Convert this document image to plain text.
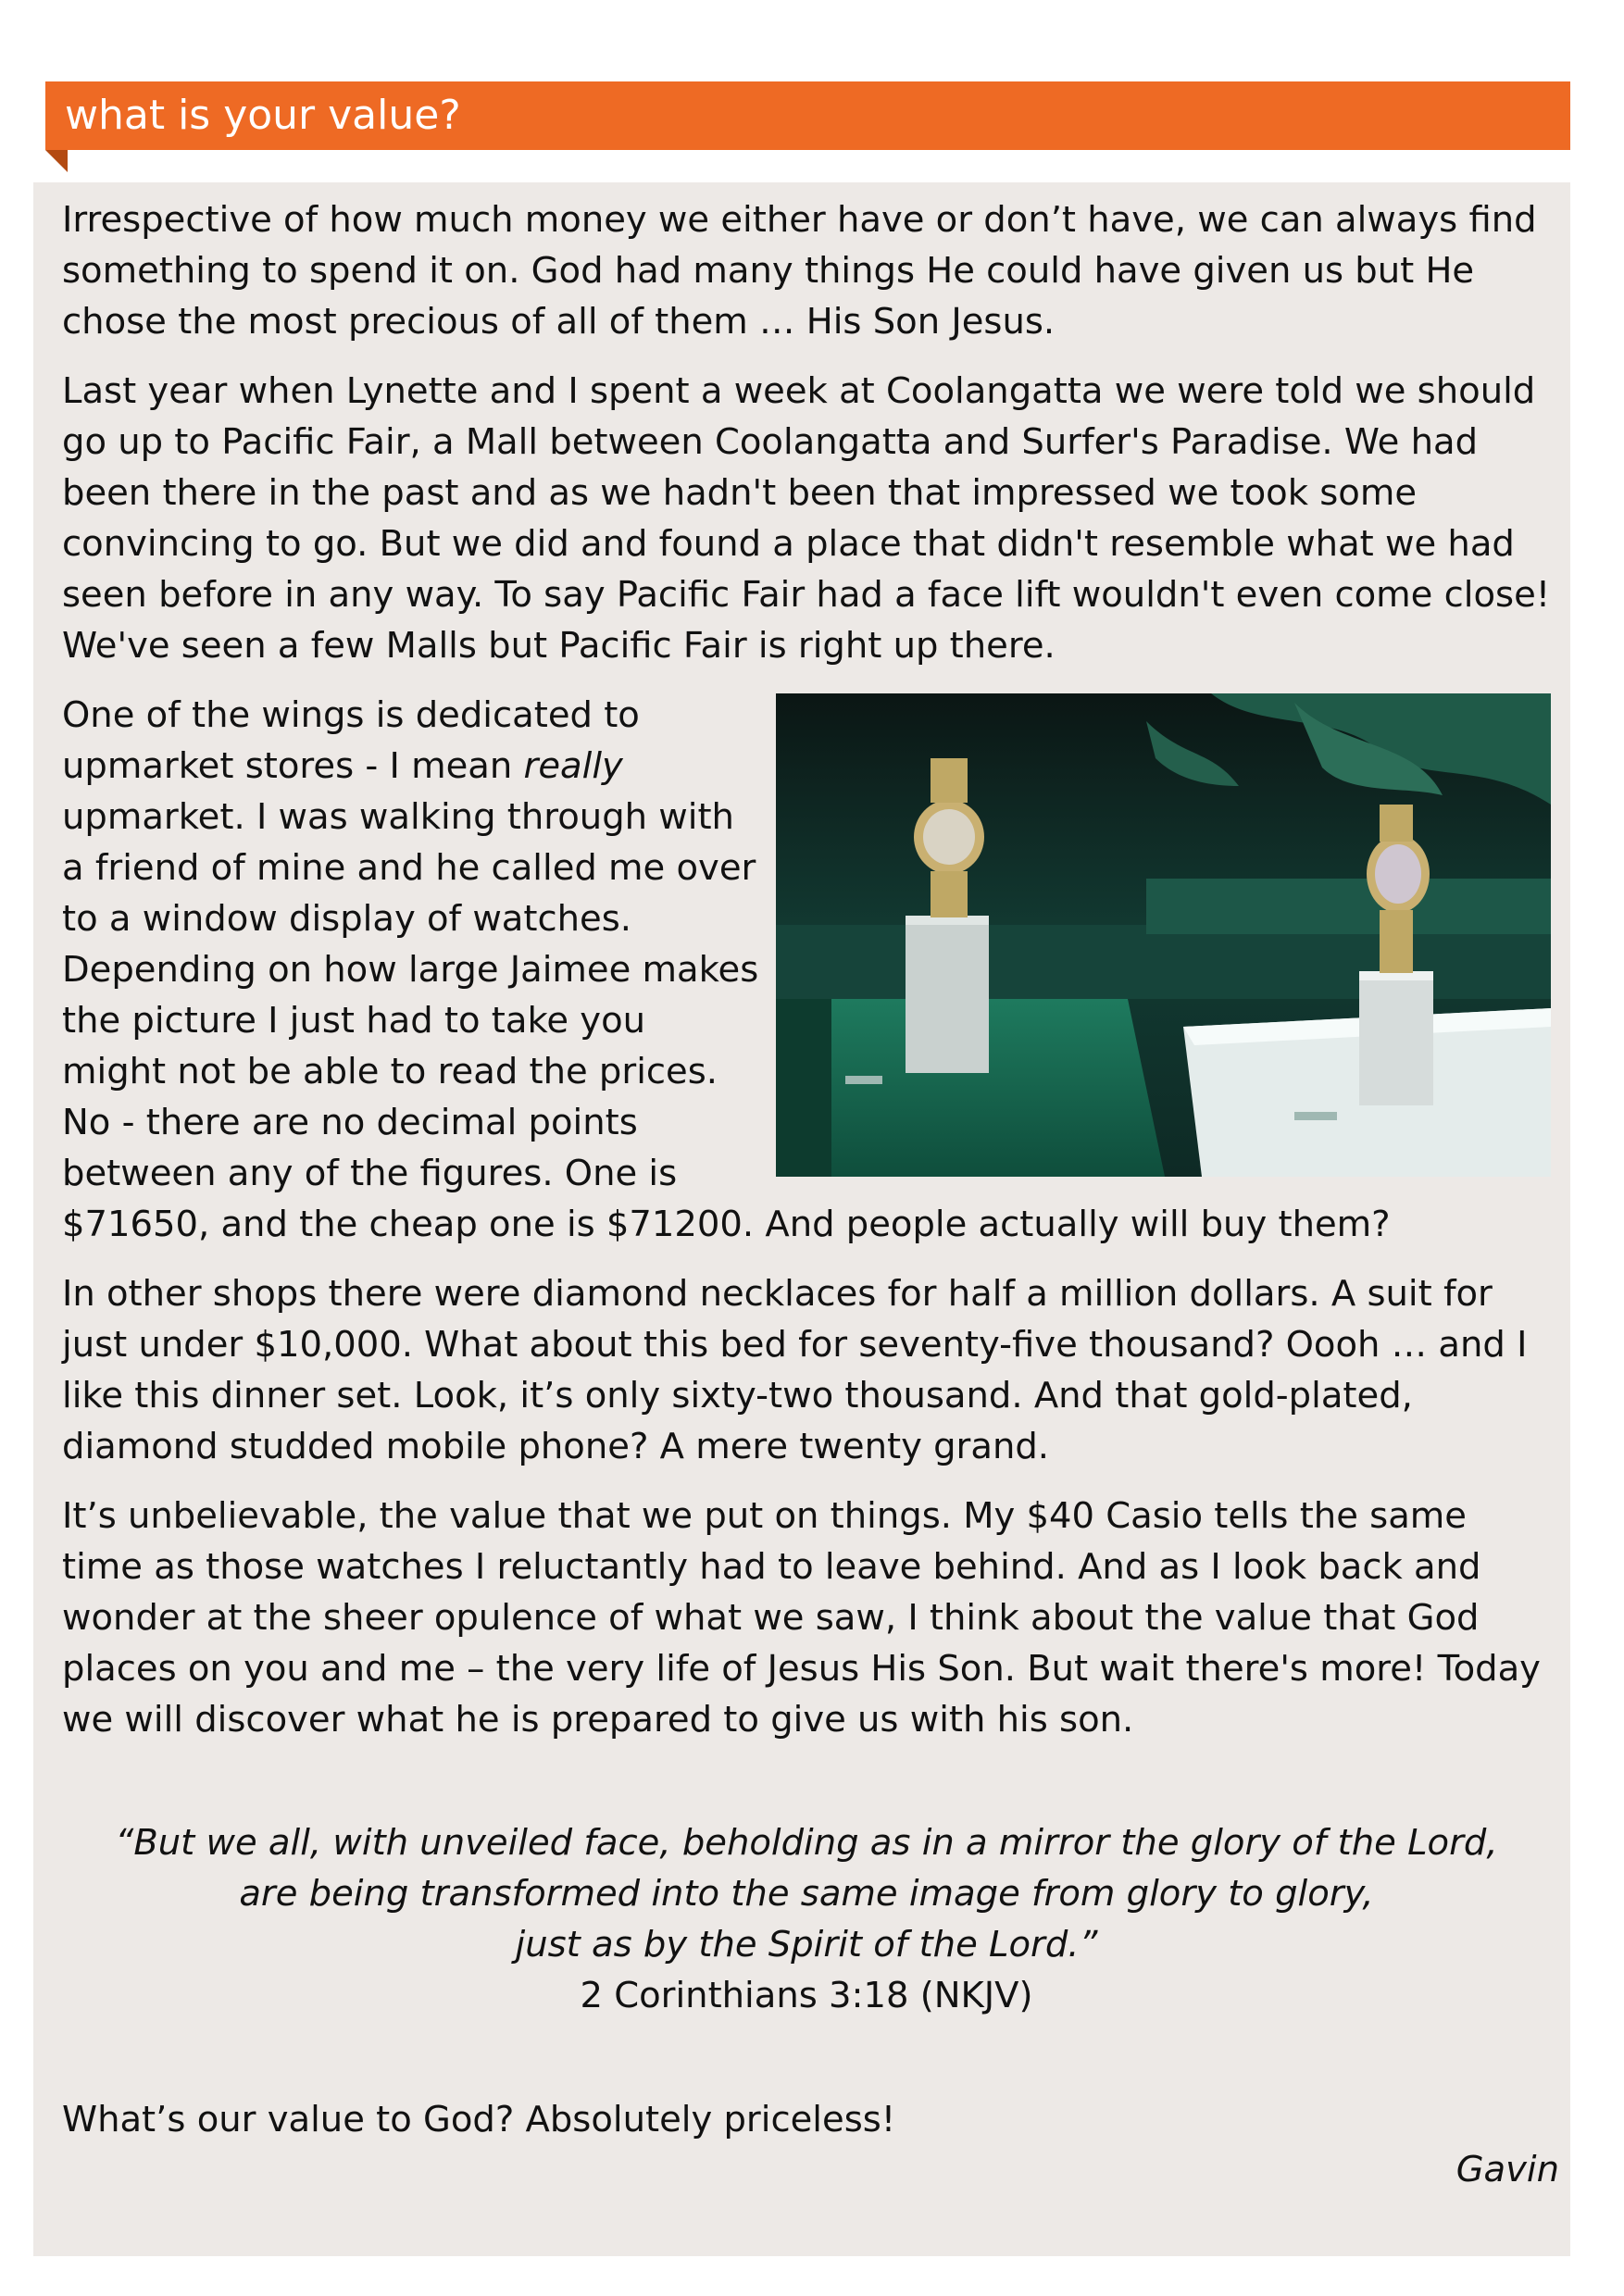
what is your value?

Irrespective of how much money we either have or don’t have, we can always find something to spend it on. God had many things He could have given us but He chose the most precious of all of them … His Son Jesus.

Last year when Lynette and I spent a week at Coolangatta we were told we should go up to Pacific Fair, a Mall between Coolangatta and Surfer's Paradise. We had been there in the past and as we hadn't been that impressed we took some convincing to go. But we did and found a place that didn't resemble what we had seen before in any way. To say Pacific Fair had a face lift wouldn't even come close! We've seen a few Malls but Pacific Fair is right up there.

One of the wings is dedicated to upmarket stores - I mean really upmarket. I was walking through with a friend of mine and he called me over to a window display of watches. Depending on how large Jaimee makes the picture I just had to take you might not be able to read the prices. No - there are no decimal points between any of the figures. One is $71650, and the cheap one is $71200. And people actually will buy them?

In other shops there were diamond necklaces for half a million dollars. A suit for just under $10,000. What about this bed for seventy-five thousand? Oooh … and I like this dinner set. Look, it’s only sixty-two thousand. And that gold-plated, diamond studded mobile phone? A mere twenty grand.

It’s unbelievable, the value that we put on things. My $40 Casio tells the same time as those watches I reluctantly had to leave behind. And as I look back and wonder at the sheer opulence of what we saw, I think about the value that God places on you and me – the very life of Jesus His Son. But wait there's more! Today we will discover what he is prepared to give us with his son.

“But we all, with unveiled face, beholding as in a mirror the glory of the Lord,
are being transformed into the same image from glory to glory,
just as by the Spirit of the Lord.”
2 Corinthians 3:18 (NKJV)
What’s our value to God? Absolutely priceless!
Gavin
